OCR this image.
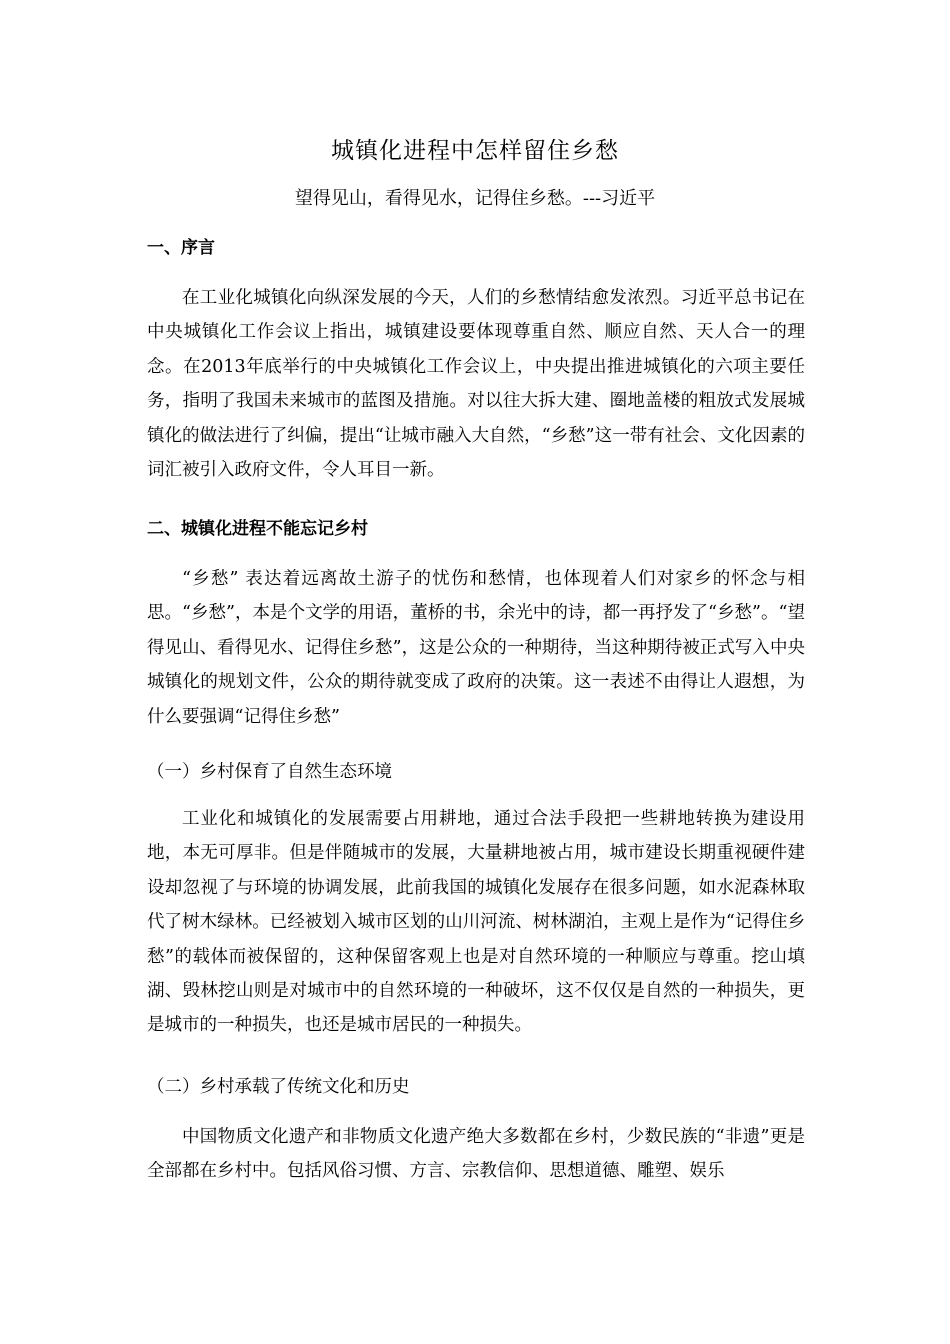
城镇化进程中怎样留住乡愁
望得见山，看得见水，记得住乡愁。---习近平
一、序言

在工业化城镇化向纵深发展的今天，人们的乡愁情结愈发浓烈。习近平总书记在中央城镇化工作会议上指出，城镇建设要体现尊重自然、顺应自然、天人合一的理念。在2013年底举行的中央城镇化工作会议上，中央提出推进城镇化的六项主要任务，指明了我国未来城市的蓝图及措施。对以往大拆大建、圈地盖楼的粗放式发展城镇化的做法进行了纠偏，提出“让城市融入大自然，“乡愁”这一带有社会、文化因素的词汇被引入政府文件，令人耳目一新。

二、城镇化进程不能忘记乡村

“乡愁” 表达着远离故土游子的忧伤和愁情，也体现着人们对家乡的怀念与相思。“乡愁”，本是个文学的用语，董桥的书，余光中的诗，都一再抒发了“乡愁”。“望得见山、看得见水、记得住乡愁”，这是公众的一种期待，当这种期待被正式写入中央城镇化的规划文件，公众的期待就变成了政府的决策。这一表述不由得让人遐想，为什么要强调“记得住乡愁”

（一）乡村保育了自然生态环境

工业化和城镇化的发展需要占用耕地，通过合法手段把一些耕地转换为建设用地，本无可厚非。但是伴随城市的发展，大量耕地被占用，城市建设长期重视硬件建设却忽视了与环境的协调发展，此前我国的城镇化发展存在很多问题，如水泥森林取代了树木绿林。已经被划入城市区划的山川河流、树林湖泊，主观上是作为“记得住乡愁”的载体而被保留的，这种保留客观上也是对自然环境的一种顺应与尊重。挖山填湖、毁林挖山则是对城市中的自然环境的一种破坏，这不仅仅是自然的一种损失，更是城市的一种损失，也还是城市居民的一种损失。

（二）乡村承载了传统文化和历史

中国物质文化遗产和非物质文化遗产绝大多数都在乡村，少数民族的“非遗”更是全部都在乡村中。包括风俗习惯、方言、宗教信仰、思想道德、雕塑、娱乐
